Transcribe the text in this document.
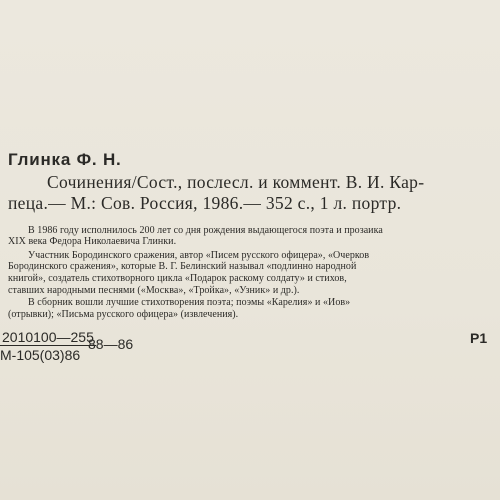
Глинка Ф. Н.
Сочинения/Сост., послесл. и коммент. В. И. Кар-
пеца.— М.: Сов. Россия, 1986.— 352 с., 1 л. портр.
В 1986 году исполнилось 200 лет со дня рождения выдающегося поэта и прозаика
XIX века Федора Николаевича Глинки.
Участник Бородинского сражения, автор «Писем русского офицера», «Очерков
Бородинского сражения», которые В. Г. Белинский называл «подлинно народной
книгой», создатель стихотворного цикла «Подарок раскому солдату» и стихов,
ставших народными песнями («Москва», «Тройка», «Узник» и др.).
В сборник вошли лучшие стихотворения поэта; поэмы «Карелия» и «Иов»
(отрывки); «Письма русского офицера» (извлечения).
2010100—255
М-105(03)86
88—86	Р1
